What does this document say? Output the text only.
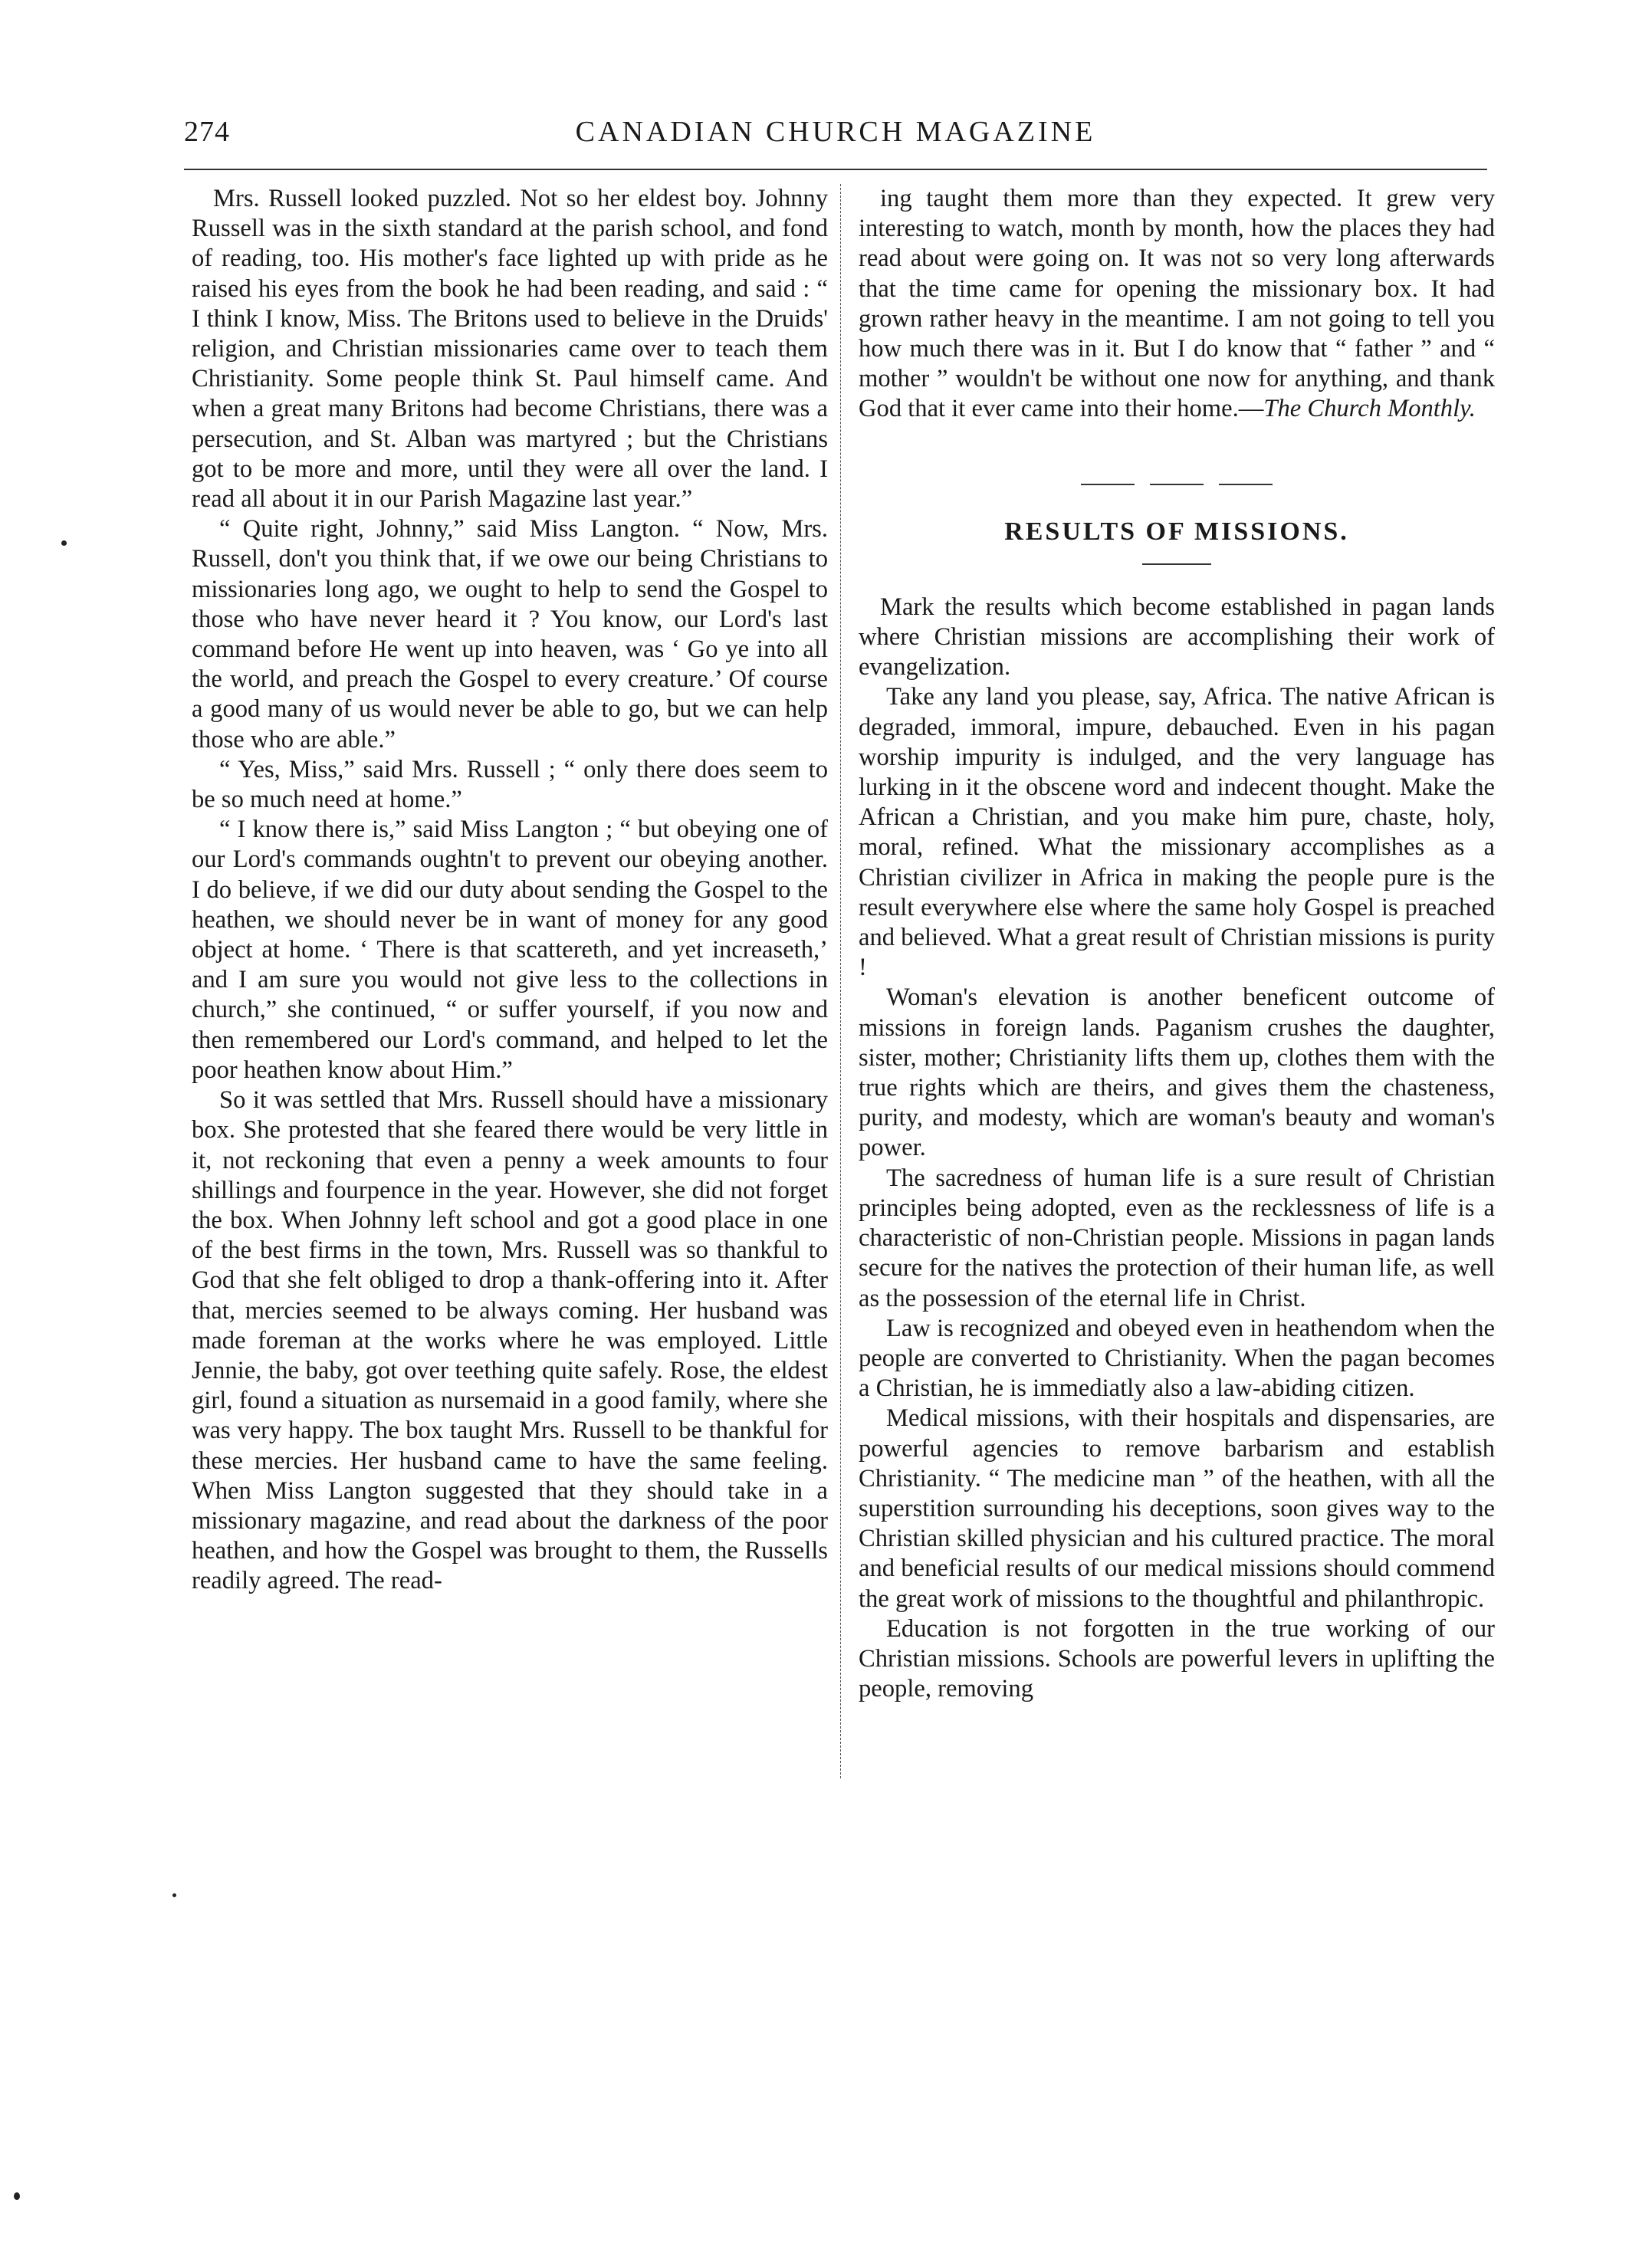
274	CANADIAN CHURCH MAGAZINE

Mrs. Russell looked puzzled. Not so her eldest boy. Johnny Russell was in the sixth standard at the parish school, and fond of reading, too. His mother's face lighted up with pride as he raised his eyes from the book he had been reading, and said : “ I think I know, Miss. The Britons used to believe in the Druids' religion, and Christian missionaries came over to teach them Christianity. Some people think St. Paul himself came. And when a great many Britons had become Christians, there was a persecution, and St. Alban was martyred ; but the Christians got to be more and more, until they were all over the land. I read all about it in our Parish Magazine last year.”

“ Quite right, Johnny,” said Miss Langton. “ Now, Mrs. Russell, don't you think that, if we owe our being Christians to missionaries long ago, we ought to help to send the Gospel to those who have never heard it ? You know, our Lord's last command before He went up into heaven, was ‘ Go ye into all the world, and preach the Gospel to every creature.’ Of course a good many of us would never be able to go, but we can help those who are able.”

“ Yes, Miss,” said Mrs. Russell ; “ only there does seem to be so much need at home.”

“ I know there is,” said Miss Langton ; “ but obeying one of our Lord's commands oughtn't to prevent our obeying another. I do believe, if we did our duty about sending the Gospel to the heathen, we should never be in want of money for any good object at home. ‘ There is that scattereth, and yet increaseth,’ and I am sure you would not give less to the collections in church,” she continued, “ or suffer yourself, if you now and then remembered our Lord's command, and helped to let the poor heathen know about Him.”

So it was settled that Mrs. Russell should have a missionary box. She protested that she feared there would be very little in it, not reckoning that even a penny a week amounts to four shillings and fourpence in the year. However, she did not forget the box. When Johnny left school and got a good place in one of the best firms in the town, Mrs. Russell was so thankful to God that she felt obliged to drop a thank-offering into it. After that, mercies seemed to be always coming. Her husband was made foreman at the works where he was employed. Little Jennie, the baby, got over teething quite safely. Rose, the eldest girl, found a situation as nursemaid in a good family, where she was very happy. The box taught Mrs. Russell to be thankful for these mercies. Her husband came to have the same feeling. When Miss Langton suggested that they should take in a missionary magazine, and read about the darkness of the poor heathen, and how the Gospel was brought to them, the Russells readily agreed. The read-

ing taught them more than they expected. It grew very interesting to watch, month by month, how the places they had read about were going on. It was not so very long afterwards that the time came for opening the missionary box. It had grown rather heavy in the meantime. I am not going to tell you how much there was in it. But I do know that “ father ” and “ mother ” wouldn't be without one now for anything, and thank God that it ever came into their home.—The Church Monthly.

RESULTS OF MISSIONS.

Mark the results which become established in pagan lands where Christian missions are accomplishing their work of evangelization.

Take any land you please, say, Africa. The native African is degraded, immoral, impure, debauched. Even in his pagan worship impurity is indulged, and the very language has lurking in it the obscene word and indecent thought. Make the African a Christian, and you make him pure, chaste, holy, moral, refined. What the missionary accomplishes as a Christian civilizer in Africa in making the people pure is the result everywhere else where the same holy Gospel is preached and believed. What a great result of Christian missions is purity !

Woman's elevation is another beneficent outcome of missions in foreign lands. Paganism crushes the daughter, sister, mother; Christianity lifts them up, clothes them with the true rights which are theirs, and gives them the chasteness, purity, and modesty, which are woman's beauty and woman's power.

The sacredness of human life is a sure result of Christian principles being adopted, even as the recklessness of life is a characteristic of non-Christian people. Missions in pagan lands secure for the natives the protection of their human life, as well as the possession of the eternal life in Christ.

Law is recognized and obeyed even in heathendom when the people are converted to Christianity. When the pagan becomes a Christian, he is immediatly also a law-abiding citizen.

Medical missions, with their hospitals and dispensaries, are powerful agencies to remove barbarism and establish Christianity. “ The medicine man ” of the heathen, with all the superstition surrounding his deceptions, soon gives way to the Christian skilled physician and his cultured practice. The moral and beneficial results of our medical missions should commend the great work of missions to the thoughtful and philanthropic.

Education is not forgotten in the true working of our Christian missions. Schools are powerful levers in uplifting the people, removing
